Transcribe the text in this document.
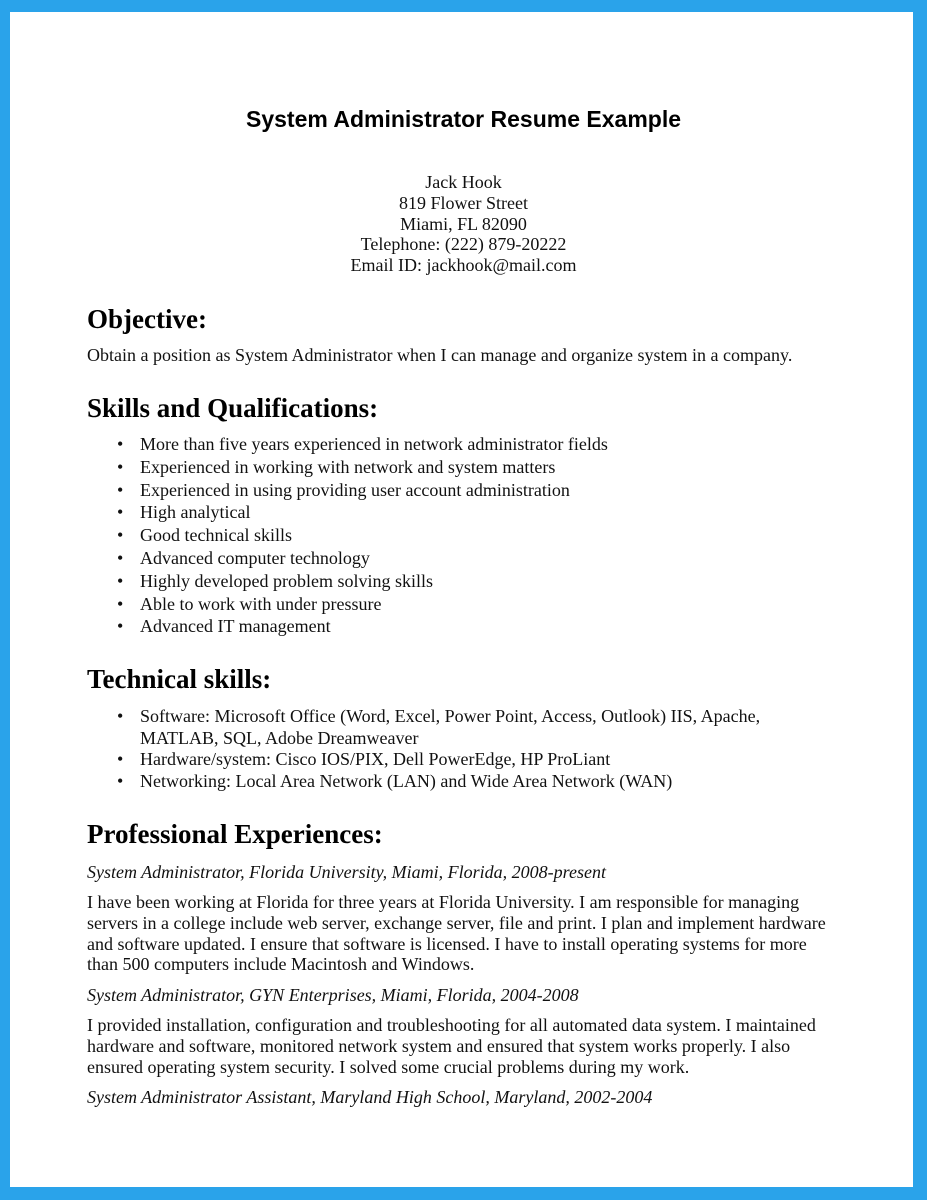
System Administrator Resume Example
Jack Hook
819 Flower Street
Miami, FL 82090
Telephone: (222) 879-20222
Email ID: jackhook@mail.com
Objective:

Obtain a position as System Administrator when I can manage and organize system in a company.

Skills and Qualifications:
• More than five years experienced in network administrator fields
• Experienced in working with network and system matters
• Experienced in using providing user account administration
• High analytical
• Good technical skills
• Advanced computer technology
• Highly developed problem solving skills
• Able to work with under pressure
• Advanced IT management
Technical skills:
• Software: Microsoft Office (Word, Excel, Power Point, Access, Outlook) IIS, Apache, MATLAB, SQL, Adobe Dreamweaver
• Hardware/system: Cisco IOS/PIX, Dell PowerEdge, HP ProLiant
• Networking: Local Area Network (LAN) and Wide Area Network (WAN)
Professional Experiences:

System Administrator, Florida University, Miami, Florida, 2008-present

I have been working at Florida for three years at Florida University. I am responsible for managing servers in a college include web server, exchange server, file and print. I plan and implement hardware and software updated. I ensure that software is licensed. I have to install operating systems for more than 500 computers include Macintosh and Windows.

System Administrator, GYN Enterprises, Miami, Florida, 2004-2008

I provided installation, configuration and troubleshooting for all automated data system. I maintained hardware and software, monitored network system and ensured that system works properly. I also ensured operating system security. I solved some crucial problems during my work.

System Administrator Assistant, Maryland High School, Maryland, 2002-2004
